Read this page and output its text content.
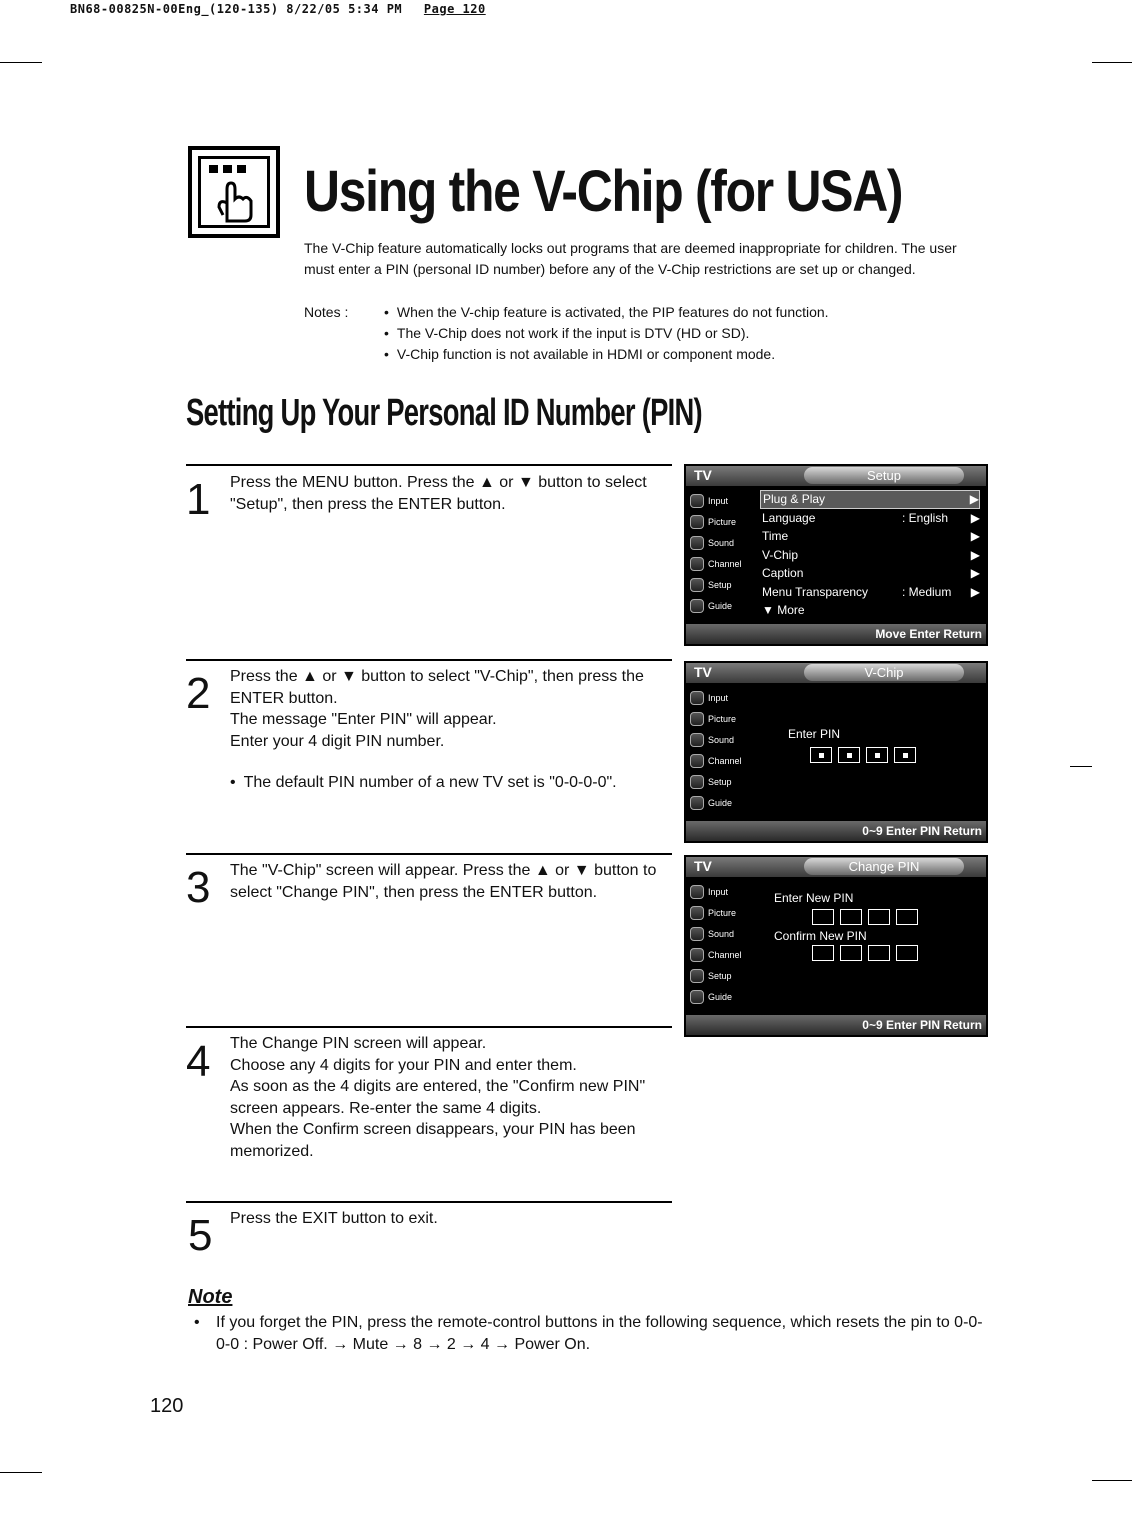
BN68-00825N-00Eng_(120-135) 8/22/05 5:34 PM Page 120
Using the V-Chip (for USA)

The V-Chip feature automatically locks out programs that are deemed inappropriate for children. The user must enter a PIN (personal ID number) before any of the V-Chip restrictions are set up or changed.

Notes :
•	When the V-chip feature is activated, the PIP features do not function.
• The V-Chip does not work if the input is DTV (HD or SD).
• V-Chip function is not available in HDMI or component mode.
Setting Up Your Personal ID Number (PIN)
1 Press the MENU button. Press the ▲ or ▼ button to select "Setup", then press the ENTER button.

2 Press the ▲ or ▼ button to select "V-Chip", then press the ENTER button.
The message "Enter PIN" will appear.
Enter your 4 digit PIN number.

• The default PIN number of a new TV set is "0-0-0-0".

3 The "V-Chip" screen will appear. Press the ▲ or ▼ button to select "Change PIN", then press the ENTER button.

4 The Change PIN screen will appear.
Choose any 4 digits for your PIN and enter them.
As soon as the 4 digits are entered, the "Confirm new PIN" screen appears. Re-enter the same 4 digits.
When the Confirm screen disappears, your PIN has been memorized.

5 Press the EXIT button to exit.

TV	Setup
Input
Picture
Sound
Channel
Setup
Guide
Plug & Play	▶
Language	: English	▶
Time	▶
V-Chip	▶
Caption	▶
Menu Transparency	: Medium	▶
▼ More
Move Enter Return
TV	V-Chip
Input
Picture
Sound
Channel
Setup
Guide
Enter PIN
0~9 Enter PIN Return
TV	Change PIN
Input
Picture
Sound
Channel
Setup
Guide
Enter New PIN
Confirm New PIN
0~9 Enter PIN Return
Note

• If you forget the PIN, press the remote-control buttons in the following sequence, which resets the pin to 0-0-0-0 : Power Off. → Mute → 8 → 2 → 4 → Power On.

120
